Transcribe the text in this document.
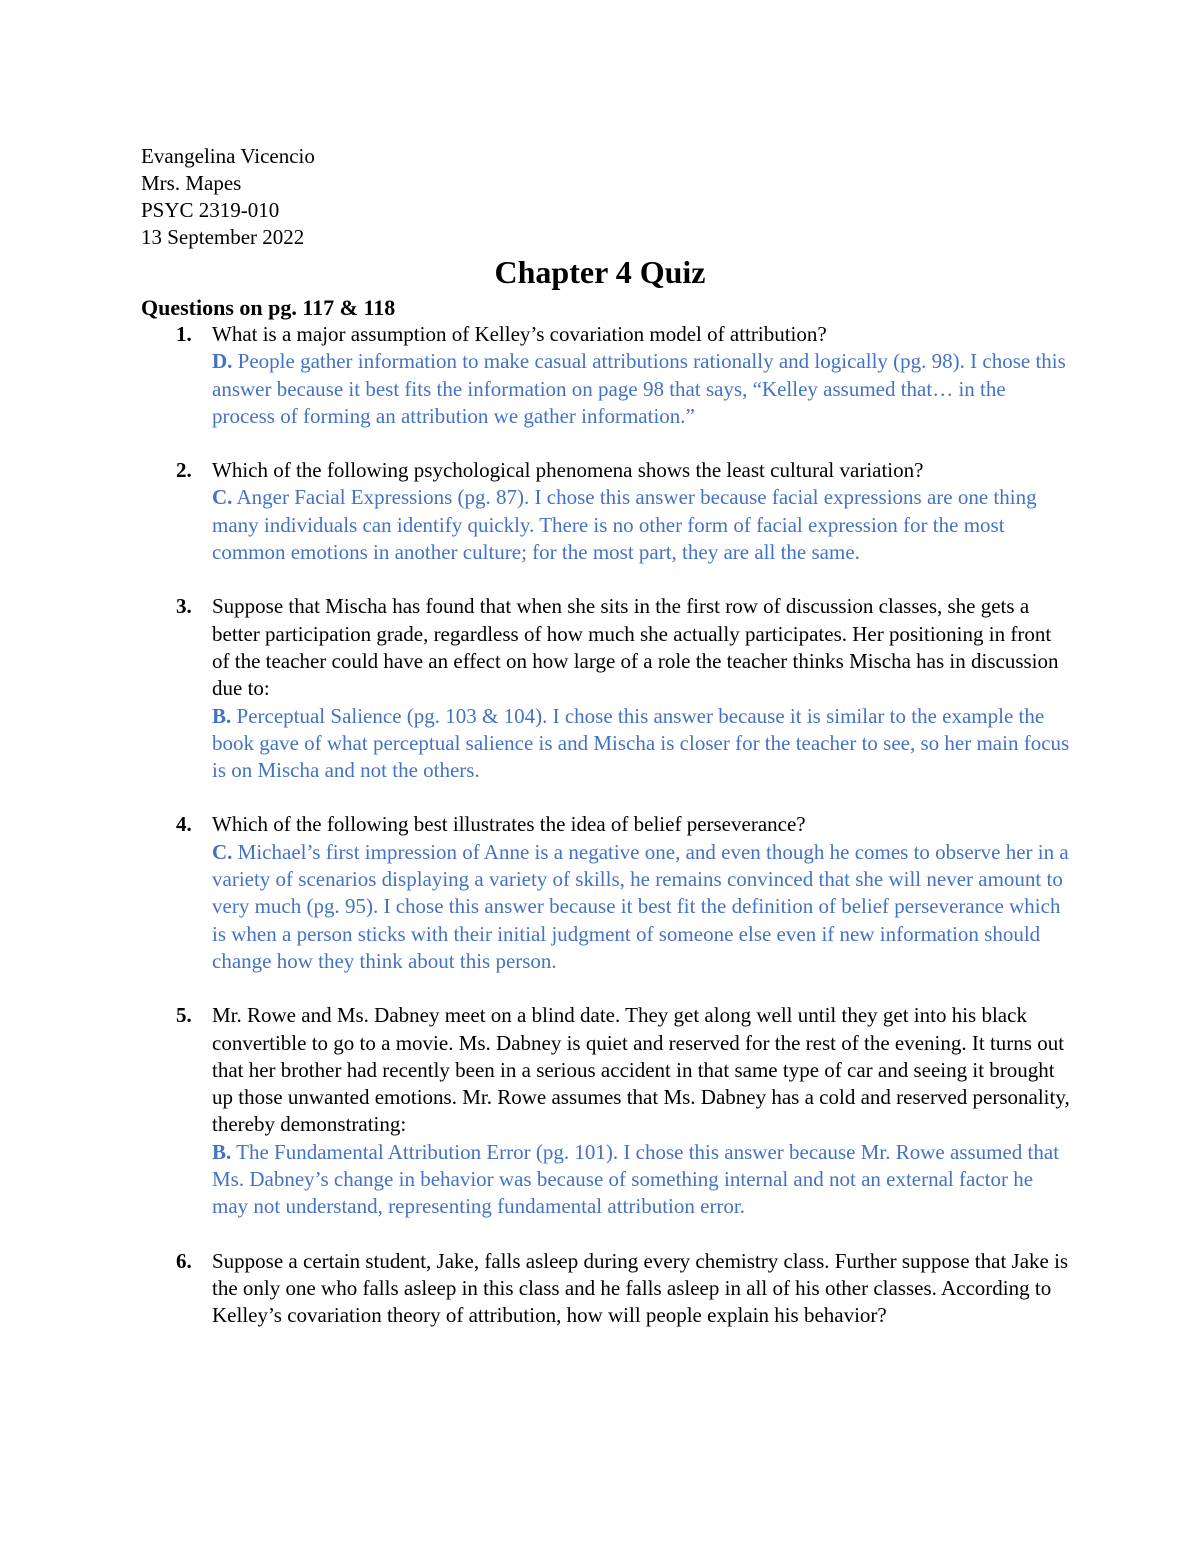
Evangelina Vicencio
Mrs. Mapes
PSYC 2319-010
13 September 2022
Chapter 4 Quiz
Questions on pg. 117 & 118
1. What is a major assumption of Kelley’s covariation model of attribution?
D. People gather information to make casual attributions rationally and logically (pg. 98). I chose this answer because it best fits the information on page 98 that says, “Kelley assumed that… in the process of forming an attribution we gather information.”
2. Which of the following psychological phenomena shows the least cultural variation?
C. Anger Facial Expressions (pg. 87). I chose this answer because facial expressions are one thing many individuals can identify quickly. There is no other form of facial expression for the most common emotions in another culture; for the most part, they are all the same.
3. Suppose that Mischa has found that when she sits in the first row of discussion classes, she gets a better participation grade, regardless of how much she actually participates. Her positioning in front of the teacher could have an effect on how large of a role the teacher thinks Mischa has in discussion due to:
B. Perceptual Salience (pg. 103 & 104). I chose this answer because it is similar to the example the book gave of what perceptual salience is and Mischa is closer for the teacher to see, so her main focus is on Mischa and not the others.
4. Which of the following best illustrates the idea of belief perseverance?
C. Michael’s first impression of Anne is a negative one, and even though he comes to observe her in a variety of scenarios displaying a variety of skills, he remains convinced that she will never amount to very much (pg. 95). I chose this answer because it best fit the definition of belief perseverance which is when a person sticks with their initial judgment of someone else even if new information should change how they think about this person.
5. Mr. Rowe and Ms. Dabney meet on a blind date. They get along well until they get into his black convertible to go to a movie. Ms. Dabney is quiet and reserved for the rest of the evening. It turns out that her brother had recently been in a serious accident in that same type of car and seeing it brought up those unwanted emotions. Mr. Rowe assumes that Ms. Dabney has a cold and reserved personality, thereby demonstrating:
B. The Fundamental Attribution Error (pg. 101). I chose this answer because Mr. Rowe assumed that Ms. Dabney’s change in behavior was because of something internal and not an external factor he may not understand, representing fundamental attribution error.
6. Suppose a certain student, Jake, falls asleep during every chemistry class. Further suppose that Jake is the only one who falls asleep in this class and he falls asleep in all of his other classes. According to Kelley’s covariation theory of attribution, how will people explain his behavior?
